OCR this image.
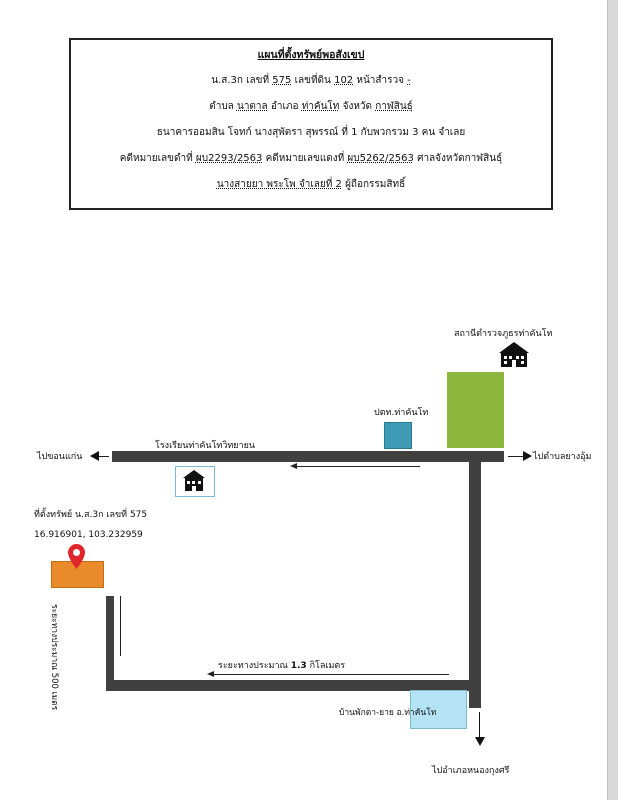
แผนที่ตั้งทรัพย์พอสังเขป
น.ส.3ก เลขที่ 575 เลขที่ดิน 102 หน้าสำรวจ -
ตำบล นาตาล อำเภอ ท่าคันโท จังหวัด กาฬสินธุ์
ธนาคารออมสิน โจทก์ นางสุพัตรา สุพรรณ์ ที่ 1 กับพวกรวม 3 คน จำเลย
คดีหมายเลขดำที่ ผบ2293/2563 คดีหมายเลขแดงที่ ผบ5262/2563 ศาลจังหวัดกาฬสินธุ์
นางสายยา พระโพ จำเลยที่ 2 ผู้ถือกรรมสิทธิ์
สถานีตำรวจภูธรท่าคันโท
ปตท.ท่าคันโท
โรงเรียนท่าคันโทวิทยายน
ไปขอนแก่น	ไปตำบลยางอุ้ม
ที่ตั้งทรัพย์ น.ส.3ก เลขที่ 575
16.916901, 103.232959
ระยะทางประมาณ 500 เมตร	ระยะทางประมาณ 1.3 กิโลเมตร
บ้านพักตา-ยาย อ.ท่าคันโท
ไปอำเภอหนองกุงศรี
